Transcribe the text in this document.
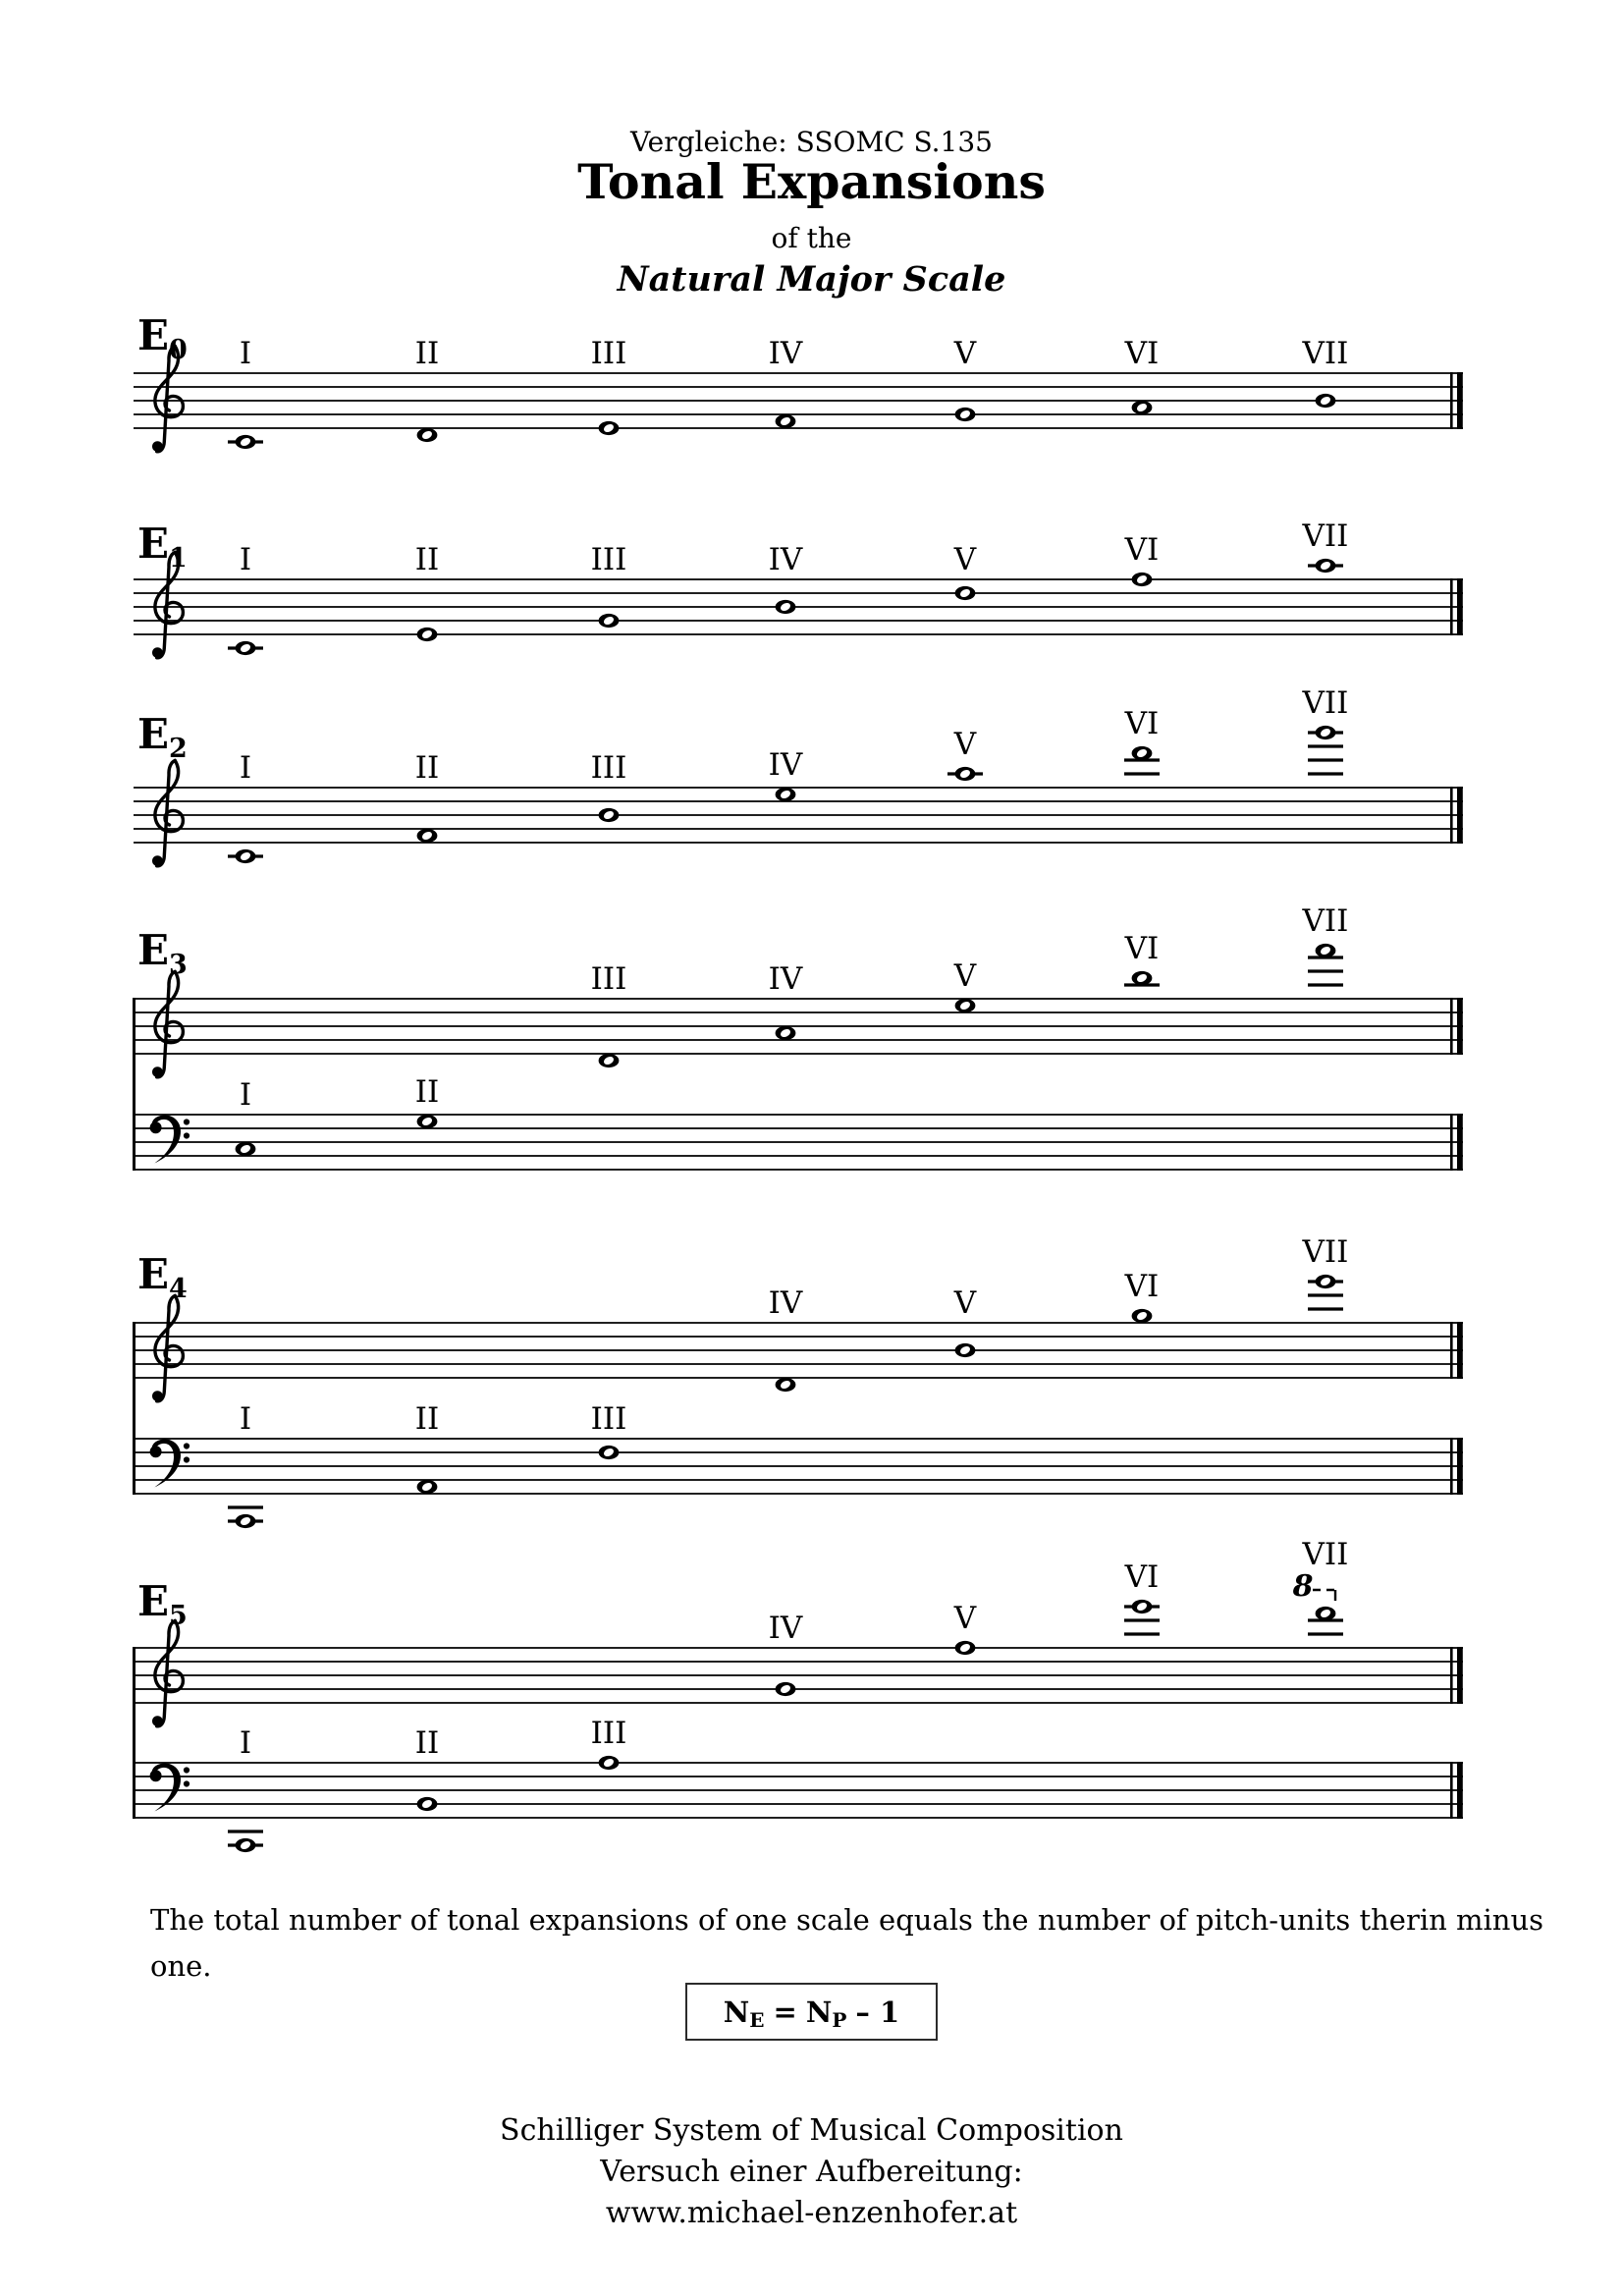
Vergleiche: SSOMC S.135
Tonal Expansions
of the
Natural Major Scale
$E_0$ I	II	III	IV	V	VI	VII
$E_1$ I	II	III	IV	V	VI	VII
$E_2$
I	II	III	IV
V
VI
VII
$E_3$
I	II
III	IV	V
VI
VII
$E_4$
I	II	III
IV	V	VI
VII
$E_5$
I	II	III
IV	V
VI
VII
8
The total number of tonal expansions of one scale equals the number of pitch-units therin minus
one.
N E = N P – 1
Schilliger System of Musical Composition
Versuch einer Aufbereitung:
www.michael-enzenhofer.at
